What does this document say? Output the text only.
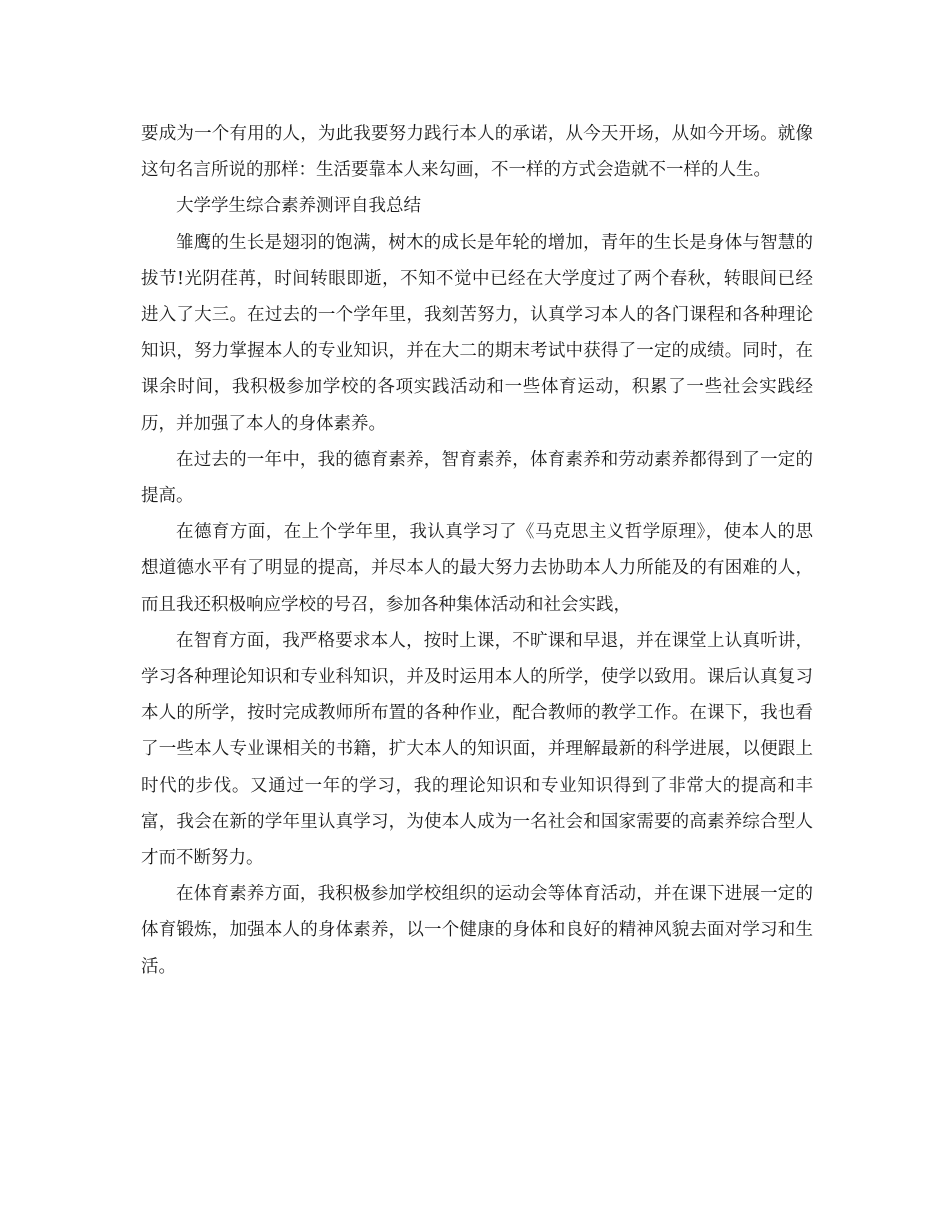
要成为一个有用的人，为此我要努力践行本人的承诺，从今天开场，从如今开场。就像这句名言所说的那样：生活要靠本人来勾画，不一样的方式会造就不一样的人生。

大学学生综合素养测评自我总结

雏鹰的生长是翅羽的饱满，树木的成长是年轮的增加，青年的生长是身体与智慧的拔节!光阴荏苒，时间转眼即逝，不知不觉中已经在大学度过了两个春秋，转眼间已经进入了大三。在过去的一个学年里，我刻苦努力，认真学习本人的各门课程和各种理论知识，努力掌握本人的专业知识，并在大二的期末考试中获得了一定的成绩。同时，在课余时间，我积极参加学校的各项实践活动和一些体育运动，积累了一些社会实践经历，并加强了本人的身体素养。

在过去的一年中，我的德育素养，智育素养，体育素养和劳动素养都得到了一定的提高。

在德育方面，在上个学年里，我认真学习了《马克思主义哲学原理》，使本人的思想道德水平有了明显的提高，并尽本人的最大努力去协助本人力所能及的有困难的人，而且我还积极响应学校的号召，参加各种集体活动和社会实践，

在智育方面，我严格要求本人，按时上课，不旷课和早退，并在课堂上认真听讲，学习各种理论知识和专业科知识，并及时运用本人的所学，使学以致用。课后认真复习本人的所学，按时完成教师所布置的各种作业，配合教师的教学工作。在课下，我也看了一些本人专业课相关的书籍，扩大本人的知识面，并理解最新的科学进展，以便跟上时代的步伐。又通过一年的学习，我的理论知识和专业知识得到了非常大的提高和丰富，我会在新的学年里认真学习，为使本人成为一名社会和国家需要的高素养综合型人才而不断努力。

在体育素养方面，我积极参加学校组织的运动会等体育活动，并在课下进展一定的体育锻炼，加强本人的身体素养，以一个健康的身体和良好的精神风貌去面对学习和生活。
